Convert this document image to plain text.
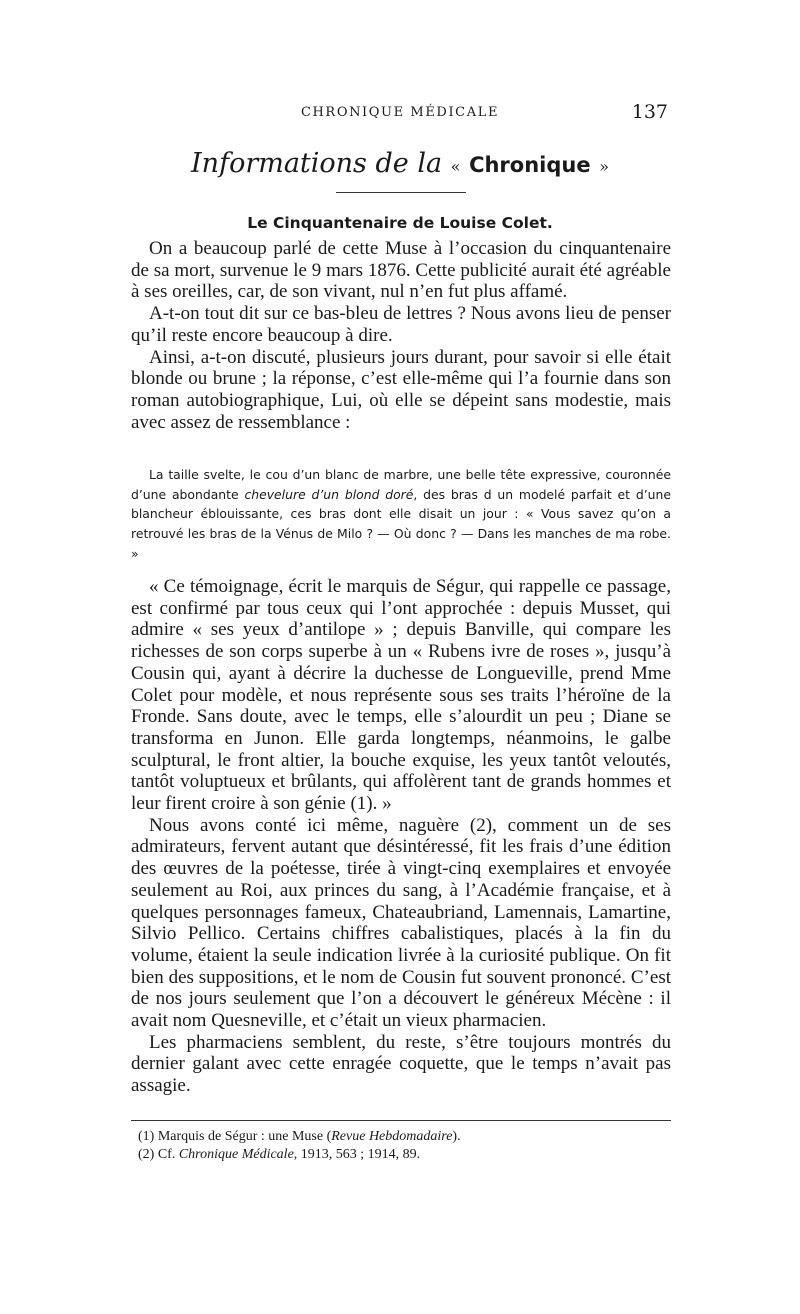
CHRONIQUE MÉDICALE	137
Informations de la « Chronique »
Le Cinquantenaire de Louise Colet.

On a beaucoup parlé de cette Muse à l’occasion du cinquantenaire de sa mort, survenue le 9 mars 1876. Cette publicité aurait été agréable à ses oreilles, car, de son vivant, nul n’en fut plus affamé.

A-t-on tout dit sur ce bas-bleu de lettres ? Nous avons lieu de penser qu’il reste encore beaucoup à dire.

Ainsi, a-t-on discuté, plusieurs jours durant, pour savoir si elle était blonde ou brune ; la réponse, c’est elle-même qui l’a fournie dans son roman autobiographique, Lui, où elle se dépeint sans modestie, mais avec assez de ressemblance :

La taille svelte, le cou d’un blanc de marbre, une belle tête expressive, couronnée d’une abondante chevelure d’un blond doré, des bras d un modelé parfait et d’une blancheur éblouissante, ces bras dont elle disait un jour : « Vous savez qu’on a retrouvé les bras de la Vénus de Milo ? — Où donc ? — Dans les manches de ma robe. »

« Ce témoignage, écrit le marquis de Ségur, qui rappelle ce passage, est confirmé par tous ceux qui l’ont approchée : depuis Musset, qui admire « ses yeux d’antilope » ; depuis Banville, qui compare les richesses de son corps superbe à un « Rubens ivre de roses », jusqu’à Cousin qui, ayant à décrire la duchesse de Longueville, prend Mme Colet pour modèle, et nous représente sous ses traits l’héroïne de la Fronde. Sans doute, avec le temps, elle s’alourdit un peu ; Diane se transforma en Junon. Elle garda longtemps, néanmoins, le galbe sculptural, le front altier, la bouche exquise, les yeux tantôt veloutés, tantôt voluptueux et brûlants, qui affolèrent tant de grands hommes et leur firent croire à son génie (1). »

Nous avons conté ici même, naguère (2), comment un de ses admirateurs, fervent autant que désintéressé, fit les frais d’une édition des œuvres de la poétesse, tirée à vingt-cinq exemplaires et envoyée seulement au Roi, aux princes du sang, à l’Académie française, et à quelques personnages fameux, Chateaubriand, Lamennais, Lamartine, Silvio Pellico. Certains chiffres cabalistiques, placés à la fin du volume, étaient la seule indication livrée à la curiosité publique. On fit bien des suppositions, et le nom de Cousin fut souvent prononcé. C’est de nos jours seulement que l’on a découvert le généreux Mécène : il avait nom Quesneville, et c’était un vieux pharmacien.

Les pharmaciens semblent, du reste, s’être toujours montrés du dernier galant avec cette enragée coquette, que le temps n’avait pas assagie.

(1) Marquis de Ségur : une Muse (Revue Hebdomadaire).
(2) Cf. Chronique Médicale, 1913, 563 ; 1914, 89.
